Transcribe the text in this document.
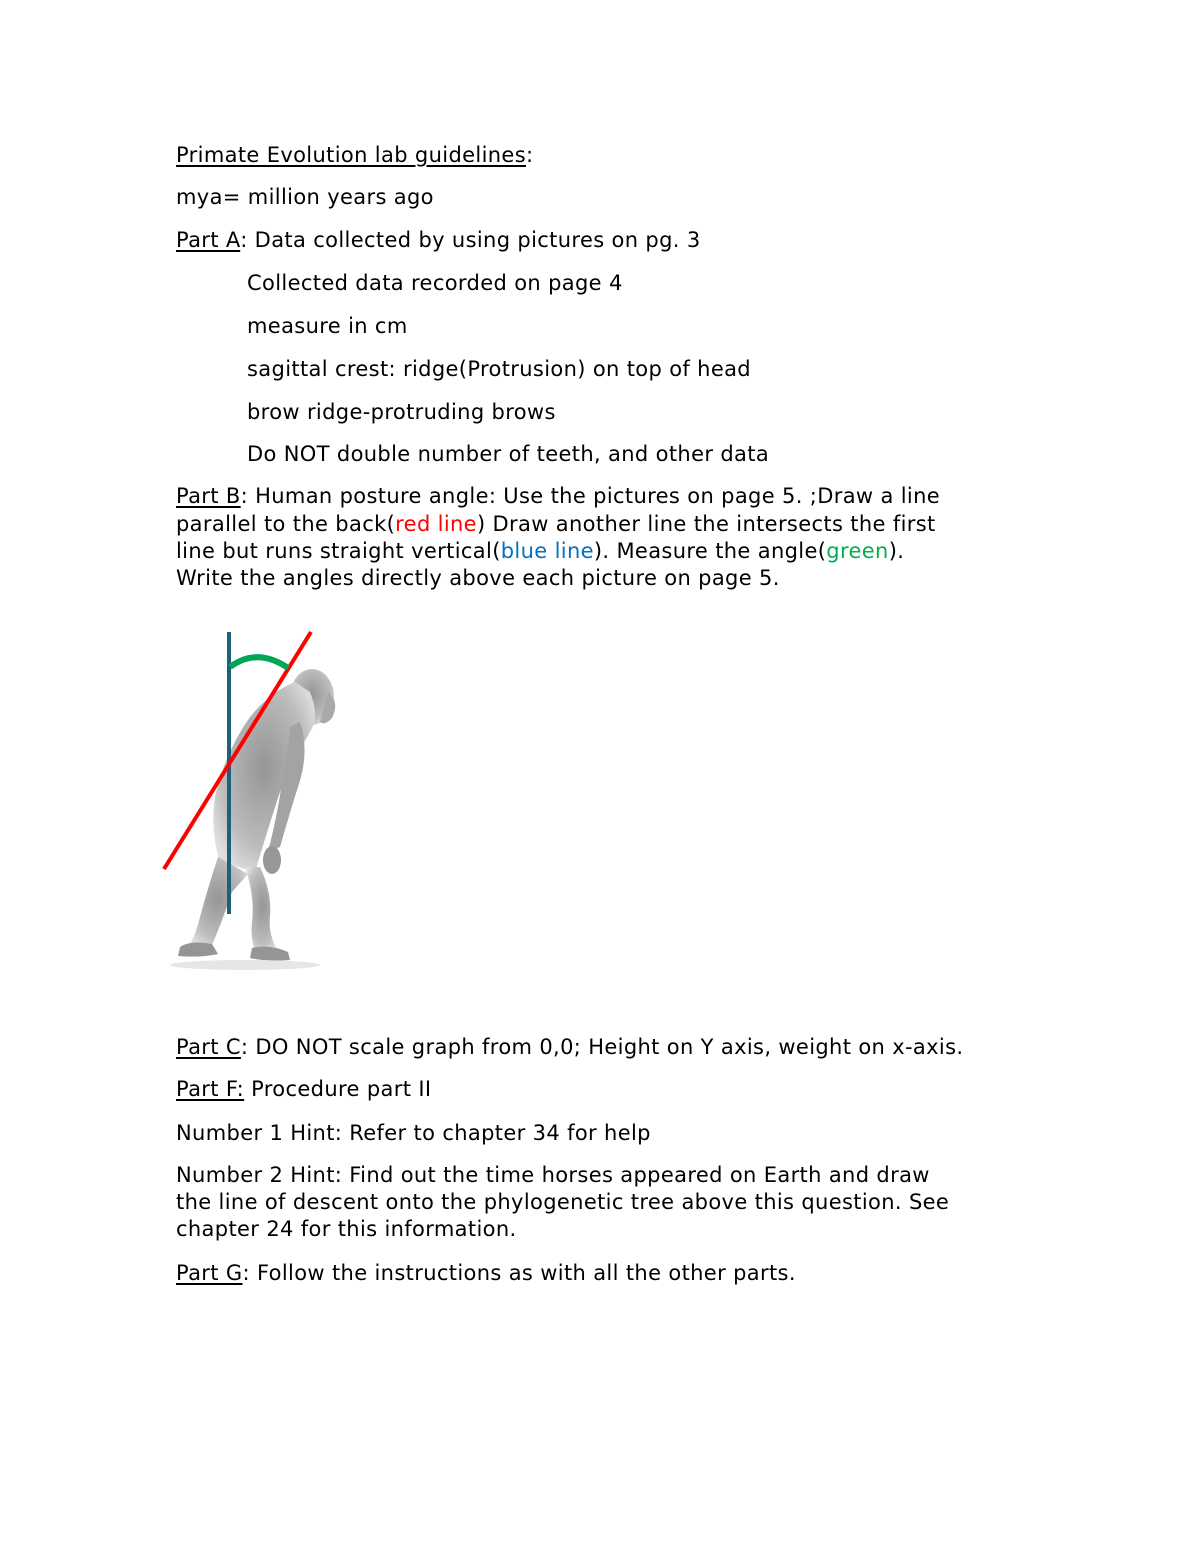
Primate Evolution lab guidelines:
mya= million years ago
Part A: Data collected by using pictures on pg. 3
Collected data recorded on page 4
measure in cm
sagittal crest: ridge(Protrusion) on top of head
brow ridge-protruding brows
Do NOT double number of teeth, and other data
Part B: Human posture angle: Use the pictures on page 5. ;Draw a line
parallel to the back(red line) Draw another line the intersects the first
line but runs straight vertical(blue line). Measure the angle(green).
Write the angles directly above each picture on page 5.
Part C: DO NOT scale graph from 0,0; Height on Y axis, weight on x-axis.
Part F: Procedure part II
Number 1 Hint: Refer to chapter 34 for help
Number 2 Hint: Find out the time horses appeared on Earth and draw
the line of descent onto the phylogenetic tree above this question. See
chapter 24 for this information.
Part G: Follow the instructions as with all the other parts.
